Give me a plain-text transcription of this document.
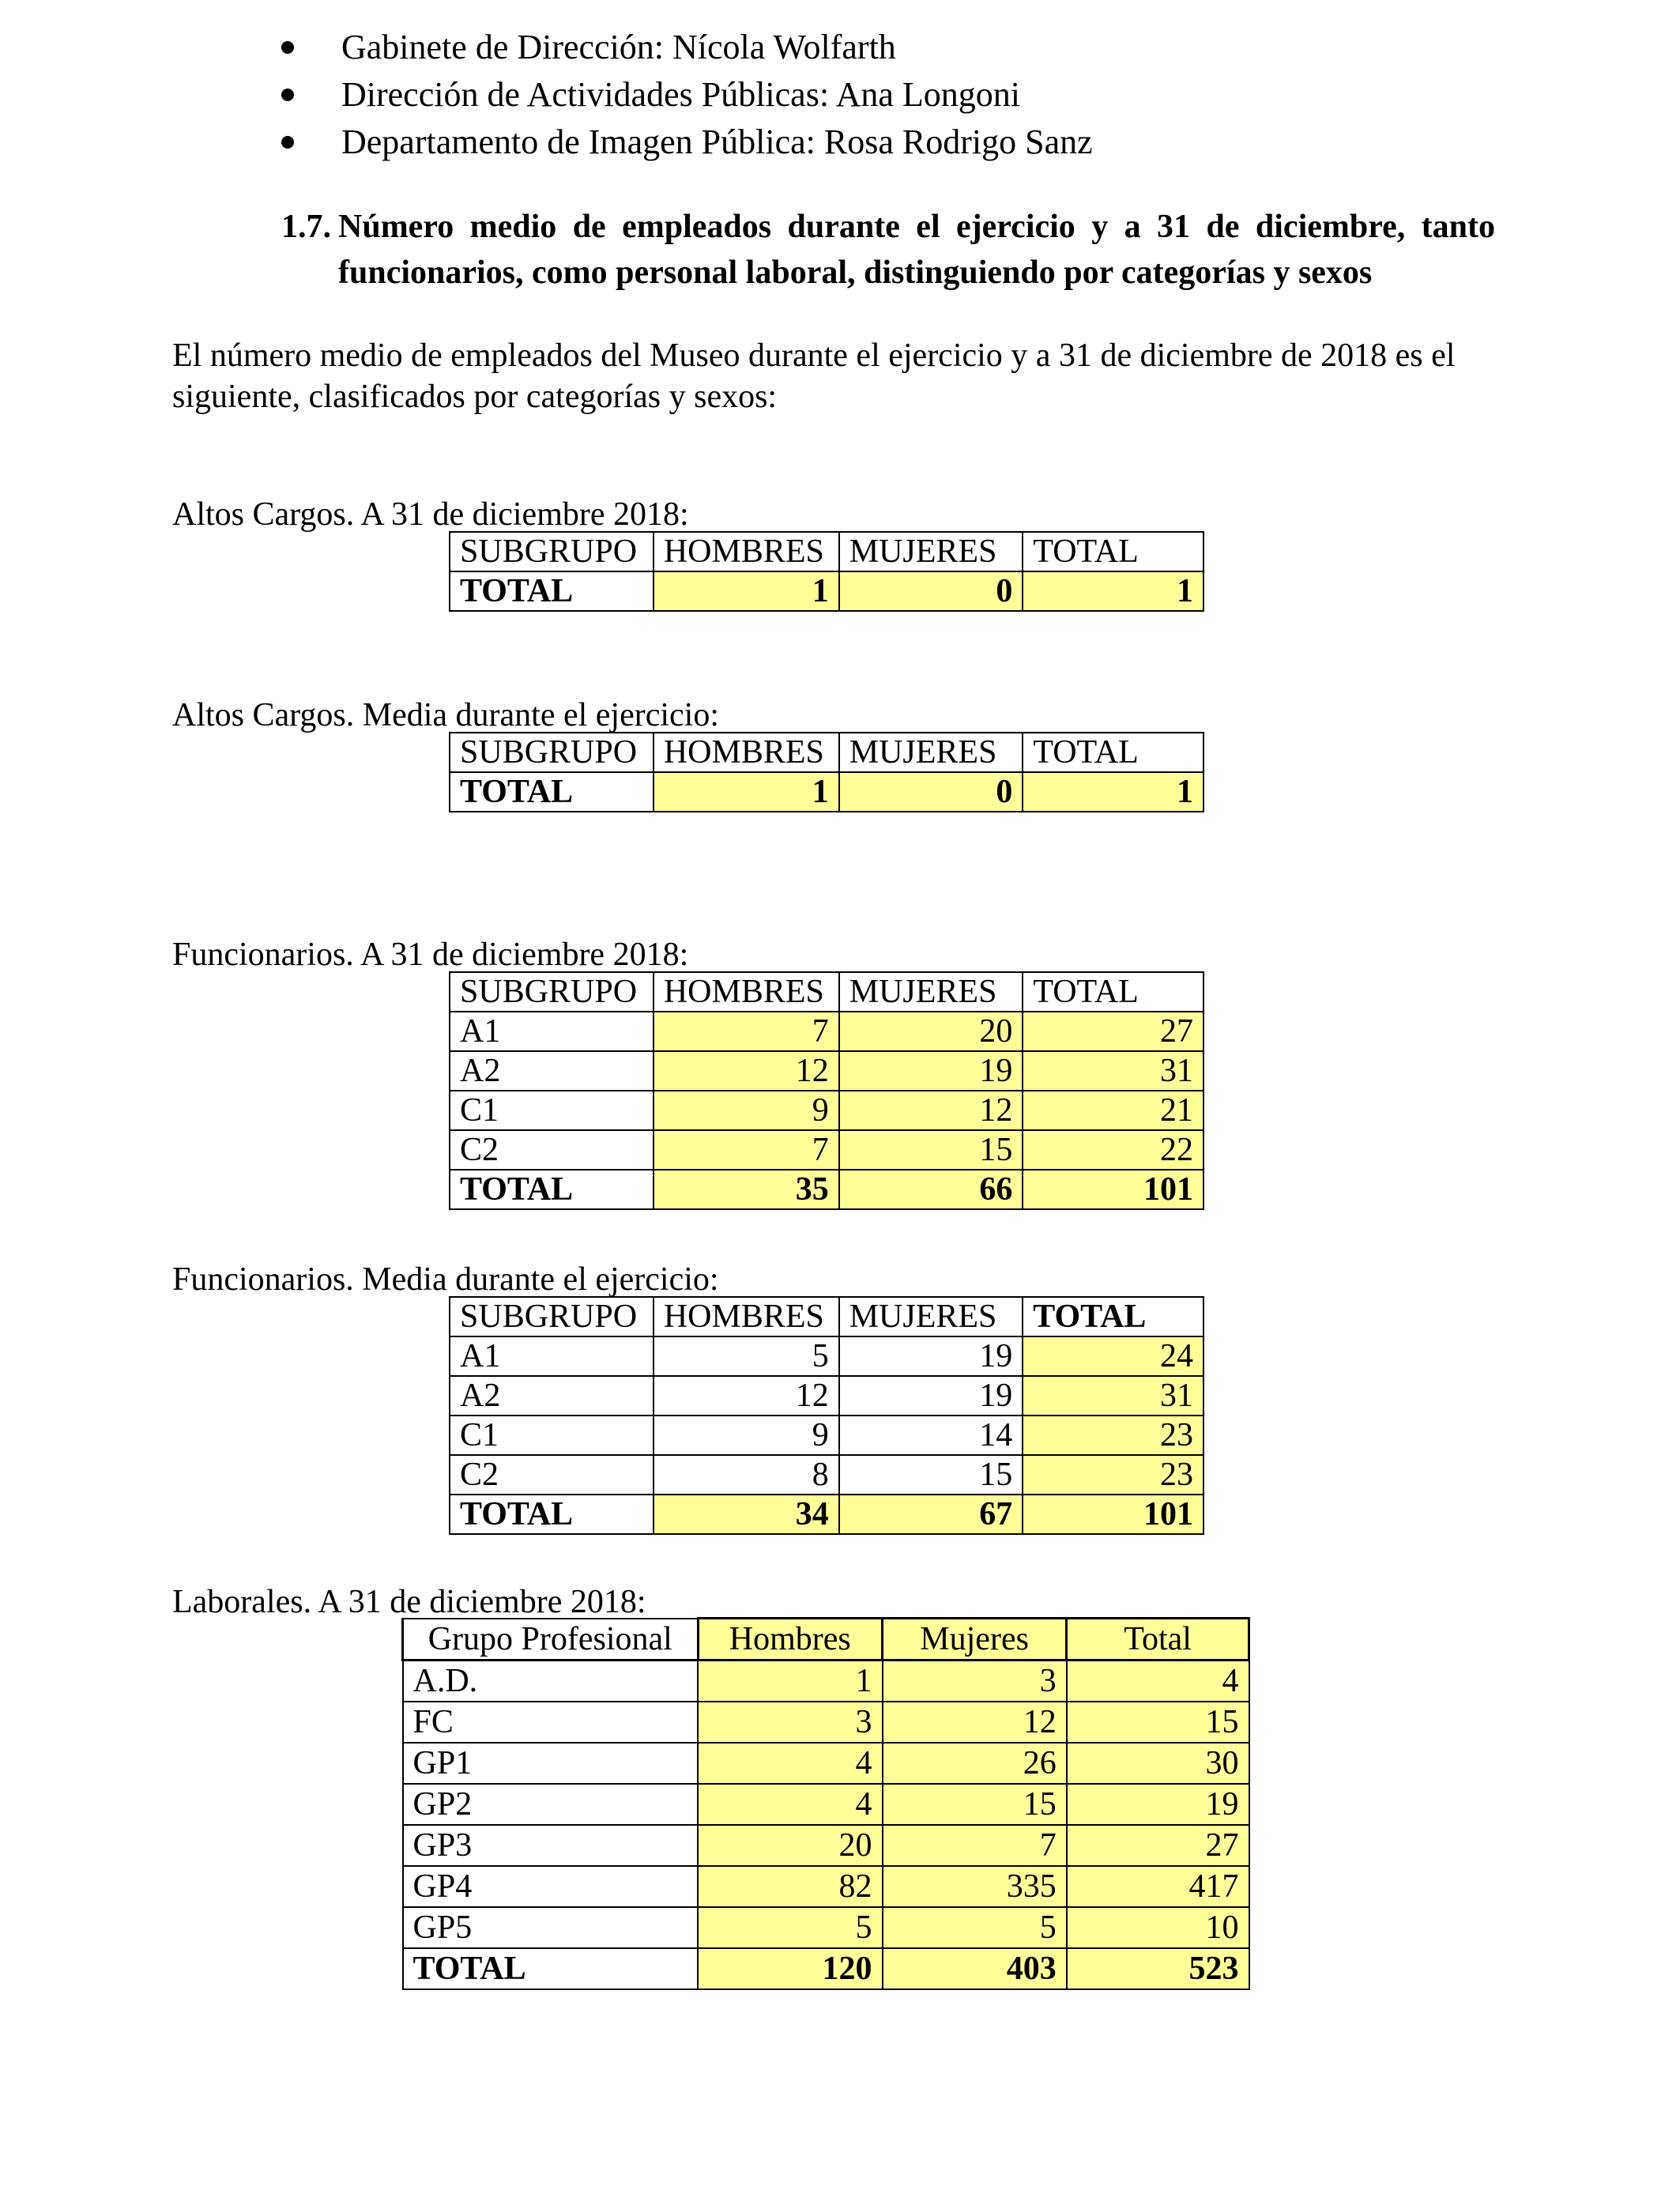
Gabinete de Dirección: Nícola Wolfarth
Dirección de Actividades Públicas: Ana Longoni
Departamento de Imagen Pública: Rosa Rodrigo Sanz
1.7. Número medio de empleados durante el ejercicio y a 31 de diciembre, tanto funcionarios, como personal laboral, distinguiendo por categorías y sexos
El número medio de empleados del Museo durante el ejercicio y a 31 de diciembre de 2018 es el siguiente, clasificados por categorías y sexos:
Altos Cargos. A 31 de diciembre 2018:
SUBGRUPO	HOMBRES	MUJERES	TOTAL
TOTAL	1	0	1
Altos Cargos. Media durante el ejercicio:
SUBGRUPO	HOMBRES	MUJERES	TOTAL
TOTAL	1	0	1
Funcionarios. A 31 de diciembre 2018:
SUBGRUPO	HOMBRES	MUJERES	TOTAL
A1	7	20	27
A2	12	19	31
C1	9	12	21
C2	7	15	22
TOTAL	35	66	101
Funcionarios. Media durante el ejercicio:
SUBGRUPO	HOMBRES	MUJERES	TOTAL
A1	5	19	24
A2	12	19	31
C1	9	14	23
C2	8	15	23
TOTAL	34	67	101
Laborales. A 31 de diciembre 2018:
Grupo Profesional	Hombres	Mujeres	Total
A.D.	1	3	4
FC	3	12	15
GP1	4	26	30
GP2	4	15	19
GP3	20	7	27
GP4	82	335	417
GP5	5	5	10
TOTAL	120	403	523
